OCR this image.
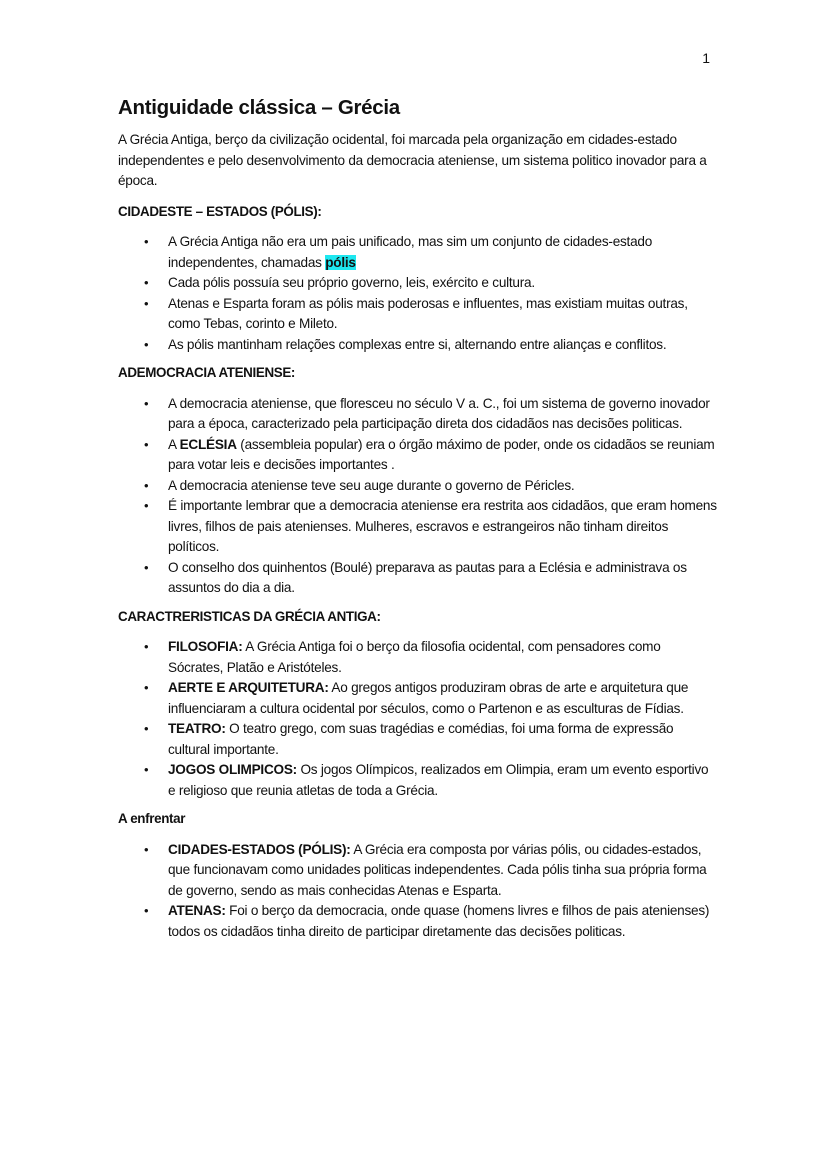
1
Antiguidade clássica – Grécia

A Grécia Antiga, berço da civilização ocidental, foi marcada pela organização em cidades-estado independentes e pelo desenvolvimento da democracia ateniense, um sistema politico inovador para a época.

CIDADESTE – ESTADOS (PÓLIS):
• A Grécia Antiga não era um pais unificado, mas sim um conjunto de cidades-estado independentes, chamadas pólis
• Cada pólis possuía seu próprio governo, leis, exército e cultura.
• Atenas e Esparta foram as pólis mais poderosas e influentes, mas existiam muitas outras, como Tebas, corinto e Mileto.
• As pólis mantinham relações complexas entre si, alternando entre alianças e conflitos.
ADEMOCRACIA ATENIENSE:
• A democracia ateniense, que floresceu no século V a. C., foi um sistema de governo inovador para a época, caracterizado pela participação direta dos cidadãos nas decisões politicas.
• A ECLÉSIA (assembleia popular) era o órgão máximo de poder, onde os cidadãos se reuniam para votar leis e decisões importantes .
• A democracia ateniense teve seu auge durante o governo de Péricles.
• É importante lembrar que a democracia ateniense era restrita aos cidadãos, que eram homens livres, filhos de pais atenienses. Mulheres, escravos e estrangeiros não tinham direitos políticos.
• O conselho dos quinhentos (Boulé) preparava as pautas para a Eclésia e administrava os assuntos do dia a dia.
CARACTRERISTICAS DA GRÉCIA ANTIGA:
• FILOSOFIA: A Grécia Antiga foi o berço da filosofia ocidental, com pensadores como Sócrates, Platão e Aristóteles.
• AERTE E ARQUITETURA: Ao gregos antigos produziram obras de arte e arquitetura que influenciaram a cultura ocidental por séculos, como o Partenon e as esculturas de Fídias.
• TEATRO: O teatro grego, com suas tragédias e comédias, foi uma forma de expressão cultural importante.
• JOGOS OLIMPICOS: Os jogos Olímpicos, realizados em Olimpia, eram um evento esportivo e religioso que reunia atletas de toda a Grécia.
A enfrentar
• CIDADES-ESTADOS (PÓLIS): A Grécia era composta por várias pólis, ou cidades-estados, que funcionavam como unidades politicas independentes. Cada pólis tinha sua própria forma de governo, sendo as mais conhecidas Atenas e Esparta.
• ATENAS: Foi o berço da democracia, onde quase (homens livres e filhos de pais atenienses) todos os cidadãos tinha direito de participar diretamente das decisões politicas.
